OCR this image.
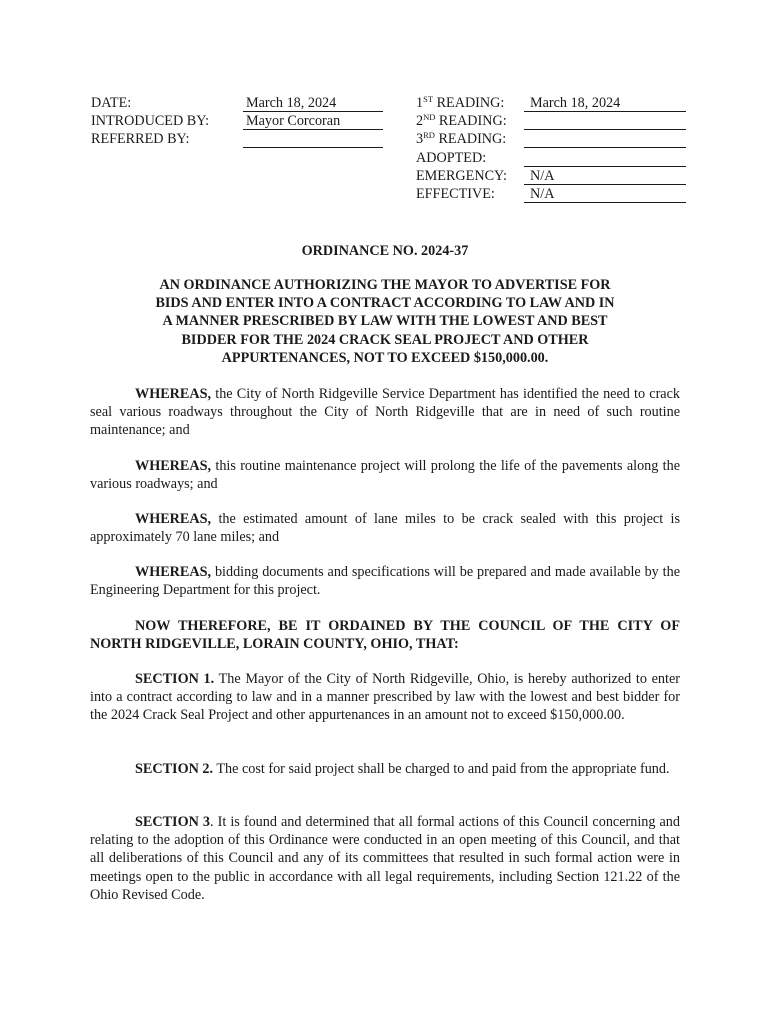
DATE:
INTRODUCED BY:
REFERRED BY:
March 18, 2024
Mayor Corcoran
1ST READING:
2ND READING:
3RD READING:
ADOPTED:
EMERGENCY:
EFFECTIVE:
March 18, 2024
N/A
N/A
ORDINANCE NO. 2024-37
AN ORDINANCE AUTHORIZING THE MAYOR TO ADVERTISE FOR
BIDS AND ENTER INTO A CONTRACT ACCORDING TO LAW AND IN
A MANNER PRESCRIBED BY LAW WITH THE LOWEST AND BEST
BIDDER FOR THE 2024 CRACK SEAL PROJECT AND OTHER
APPURTENANCES, NOT TO EXCEED $150,000.00.
WHEREAS, the City of North Ridgeville Service Department has identified the need to crack seal various roadways throughout the City of North Ridgeville that are in need of such routine maintenance; and
WHEREAS, this routine maintenance project will prolong the life of the pavements along the various roadways; and
WHEREAS, the estimated amount of lane miles to be crack sealed with this project is approximately 70 lane miles; and
WHEREAS, bidding documents and specifications will be prepared and made available by the Engineering Department for this project.
NOW THEREFORE, BE IT ORDAINED BY THE COUNCIL OF THE CITY OF NORTH RIDGEVILLE, LORAIN COUNTY, OHIO, THAT:
SECTION 1. The Mayor of the City of North Ridgeville, Ohio, is hereby authorized to enter into a contract according to law and in a manner prescribed by law with the lowest and best bidder for the 2024 Crack Seal Project and other appurtenances in an amount not to exceed $150,000.00.
SECTION 2. The cost for said project shall be charged to and paid from the appropriate fund.
SECTION 3. It is found and determined that all formal actions of this Council concerning and relating to the adoption of this Ordinance were conducted in an open meeting of this Council, and that all deliberations of this Council and any of its committees that resulted in such formal action were in meetings open to the public in accordance with all legal requirements, including Section 121.22 of the Ohio Revised Code.
